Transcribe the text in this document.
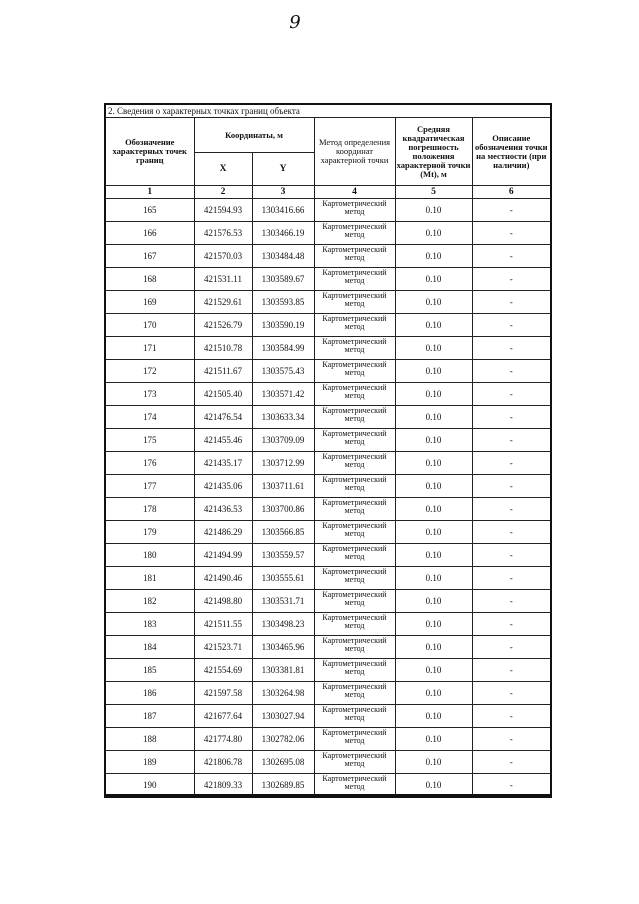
9
2. Сведения о характерных точках границ объекта					
Обозначение характерных точек границ	Координаты, м		Метод определения координат характерной точки	Средняя квадратическая погрешность положения характерной точки (Mt), м	Описание обозначения точки на местности (при наличии)
	X	Y			
1	2	3	4	5	6
165	421594.93	1303416.66	Картометрический метод	0.10	-
166	421576.53	1303466.19	Картометрический метод	0.10	-
167	421570.03	1303484.48	Картометрический метод	0.10	-
168	421531.11	1303589.67	Картометрический метод	0.10	-
169	421529.61	1303593.85	Картометрический метод	0.10	-
170	421526.79	1303590.19	Картометрический метод	0.10	-
171	421510.78	1303584.99	Картометрический метод	0.10	-
172	421511.67	1303575.43	Картометрический метод	0.10	-
173	421505.40	1303571.42	Картометрический метод	0.10	-
174	421476.54	1303633.34	Картометрический метод	0.10	-
175	421455.46	1303709.09	Картометрический метод	0.10	-
176	421435.17	1303712.99	Картометрический метод	0.10	-
177	421435.06	1303711.61	Картометрический метод	0.10	-
178	421436.53	1303700.86	Картометрический метод	0.10	-
179	421486.29	1303566.85	Картометрический метод	0.10	-
180	421494.99	1303559.57	Картометрический метод	0.10	-
181	421490.46	1303555.61	Картометрический метод	0.10	-
182	421498.80	1303531.71	Картометрический метод	0.10	-
183	421511.55	1303498.23	Картометрический метод	0.10	-
184	421523.71	1303465.96	Картометрический метод	0.10	-
185	421554.69	1303381.81	Картометрический метод	0.10	-
186	421597.58	1303264.98	Картометрический метод	0.10	-
187	421677.64	1303027.94	Картометрический метод	0.10	-
188	421774.80	1302782.06	Картометрический метод	0.10	-
189	421806.78	1302695.08	Картометрический метод	0.10	-
190	421809.33	1302689.85	Картометрический метод	0.10	-
